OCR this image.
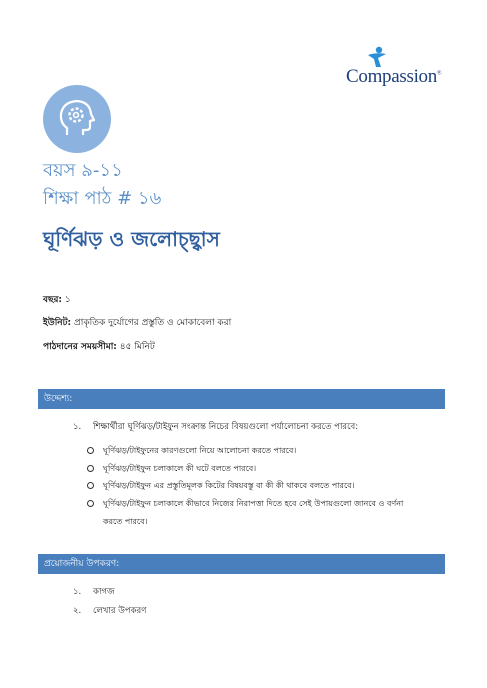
Compassion®
বয়স ৯-১১
শিক্ষা পাঠ # ১৬
ঘূর্ণিঝড় ও জলোচ্ছ্বাস
বছর: ১
ইউনিট: প্রাকৃতিক দুর্যোগের প্রস্তুতি ও মোকাবেলা করা
পাঠদানের সময়সীমা: ৪৫ মিনিট
উদ্দেশ্য:
১. শিক্ষার্থীরা ঘূর্ণিঝড়/টাইফুন সংক্রান্ত নিচের বিষয়গুলো পর্যালোচনা করতে পারবে:
ঘূর্ণিঝড়/টাইফুনের কারণগুলো নিয়ে আলোচনা করতে পারবে।
ঘূর্ণিঝড়/টাইফুন চলাকালে কী ঘটে বলতে পারবে।
ঘূর্ণিঝড়/টাইফুন এর প্রস্তুতিমূলক কিটের বিষয়বস্তু বা কী কী থাকবে বলতে পারবে।
ঘূর্ণিঝড়/টাইফুন চলাকালে কীভাবে নিজের নিরাপত্তা দিতে হবে সেই উপায়গুলো জানবে ও বর্ণনা
করতে পারবে।
প্রয়োজনীয় উপকরণ:
১. কাগজ
২. লেখার উপকরণ
